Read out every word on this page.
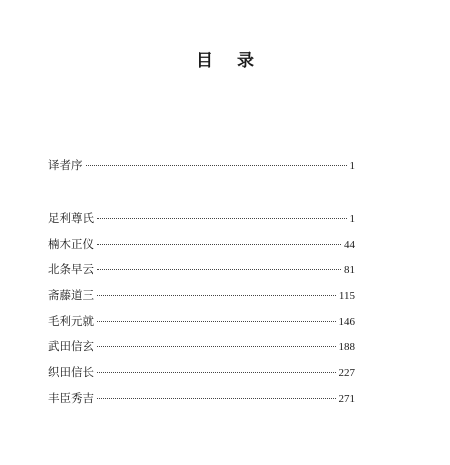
目 录
译者序	1
足利尊氏	1
楠木正仪	44
北条早云	81
斋藤道三	115
毛利元就	146
武田信玄	188
织田信长	227
丰臣秀吉	271
